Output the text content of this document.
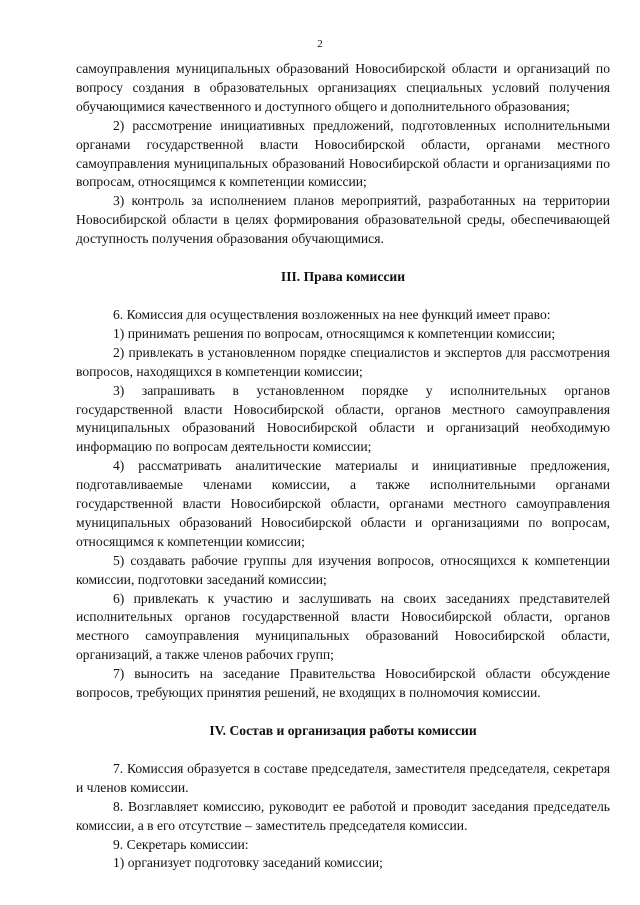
2

самоуправления муниципальных образований Новосибирской области и организаций по вопросу создания в образовательных организациях специальных условий получения обучающимися качественного и доступного общего и дополнительного образования;

2) рассмотрение инициативных предложений, подготовленных исполнительными органами государственной власти Новосибирской области, органами местного самоуправления муниципальных образований Новосибирской области и организациями по вопросам, относящимся к компетенции комиссии;

3) контроль за исполнением планов мероприятий, разработанных на территории Новосибирской области в целях формирования образовательной среды, обеспечивающей доступность получения образования обучающимися.

III. Права комиссии

6. Комиссия для осуществления возложенных на нее функций имеет право:

1) принимать решения по вопросам, относящимся к компетенции комиссии;

2) привлекать в установленном порядке специалистов и экспертов для рассмотрения вопросов, находящихся в компетенции комиссии;

3) запрашивать в установленном порядке у исполнительных органов государственной власти Новосибирской области, органов местного самоуправления муниципальных образований Новосибирской области и организаций необходимую информацию по вопросам деятельности комиссии;

4) рассматривать аналитические материалы и инициативные предложения, подготавливаемые членами комиссии, а также исполнительными органами государственной власти Новосибирской области, органами местного самоуправления муниципальных образований Новосибирской области и организациями по вопросам, относящимся к компетенции комиссии;

5) создавать рабочие группы для изучения вопросов, относящихся к компетенции комиссии, подготовки заседаний комиссии;

6) привлекать к участию и заслушивать на своих заседаниях представителей исполнительных органов государственной власти Новосибирской области, органов местного самоуправления муниципальных образований Новосибирской области, организаций, а также членов рабочих групп;

7) выносить на заседание Правительства Новосибирской области обсуждение вопросов, требующих принятия решений, не входящих в полномочия комиссии.

IV. Состав и организация работы комиссии

7. Комиссия образуется в составе председателя, заместителя председателя, секретаря и членов комиссии.

8. Возглавляет комиссию, руководит ее работой и проводит заседания председатель комиссии, а в его отсутствие – заместитель председателя комиссии.

9. Секретарь комиссии:

1) организует подготовку заседаний комиссии;
